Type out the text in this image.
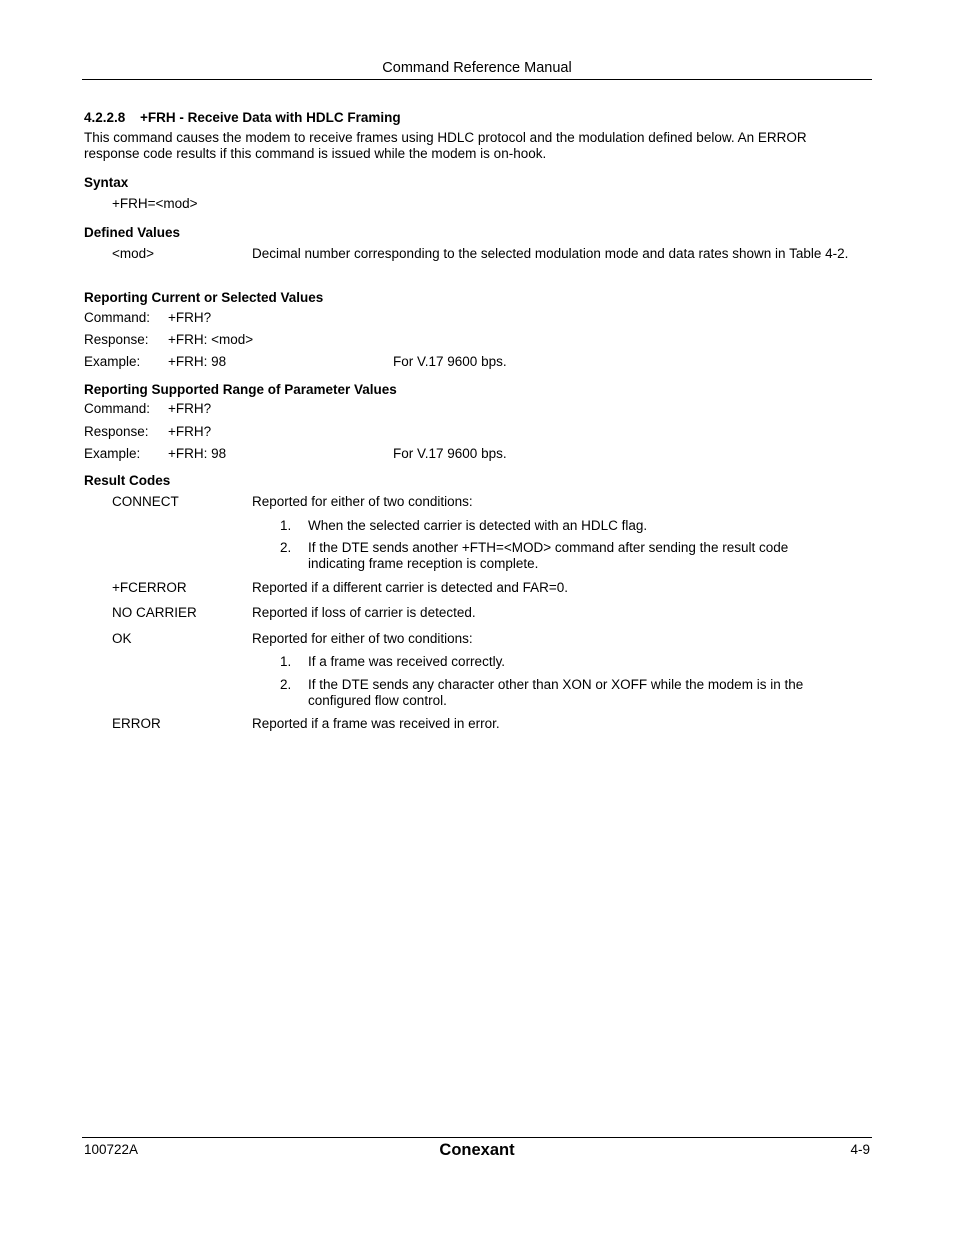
Command Reference Manual
4.2.2.8 +FRH - Receive Data with HDLC Framing
This command causes the modem to receive frames using HDLC protocol and the modulation defined below. An ERROR response code results if this command is issued while the modem is on-hook.
Syntax
+FRH=<mod>
Defined Values
<mod>	Decimal number corresponding to the selected modulation mode and data rates shown in Table 4-2.
Reporting Current or Selected Values
Command: +FRH?
Response: +FRH: <mod>
Example: +FRH: 98	For V.17 9600 bps.
Reporting Supported Range of Parameter Values
Command: +FRH?
Response: +FRH?
Example: +FRH: 98	For V.17 9600 bps.
Result Codes
CONNECT	Reported for either of two conditions:
1. When the selected carrier is detected with an HDLC flag.
2. If the DTE sends another +FTH=<MOD> command after sending the result code indicating frame reception is complete.
+FCERROR	Reported if a different carrier is detected and FAR=0.
NO CARRIER	Reported if loss of carrier is detected.
OK	Reported for either of two conditions:
1. If a frame was received correctly.
2. If the DTE sends any character other than XON or XOFF while the modem is in the configured flow control.
ERROR	Reported if a frame was received in error.
100722A	Conexant	4-9
